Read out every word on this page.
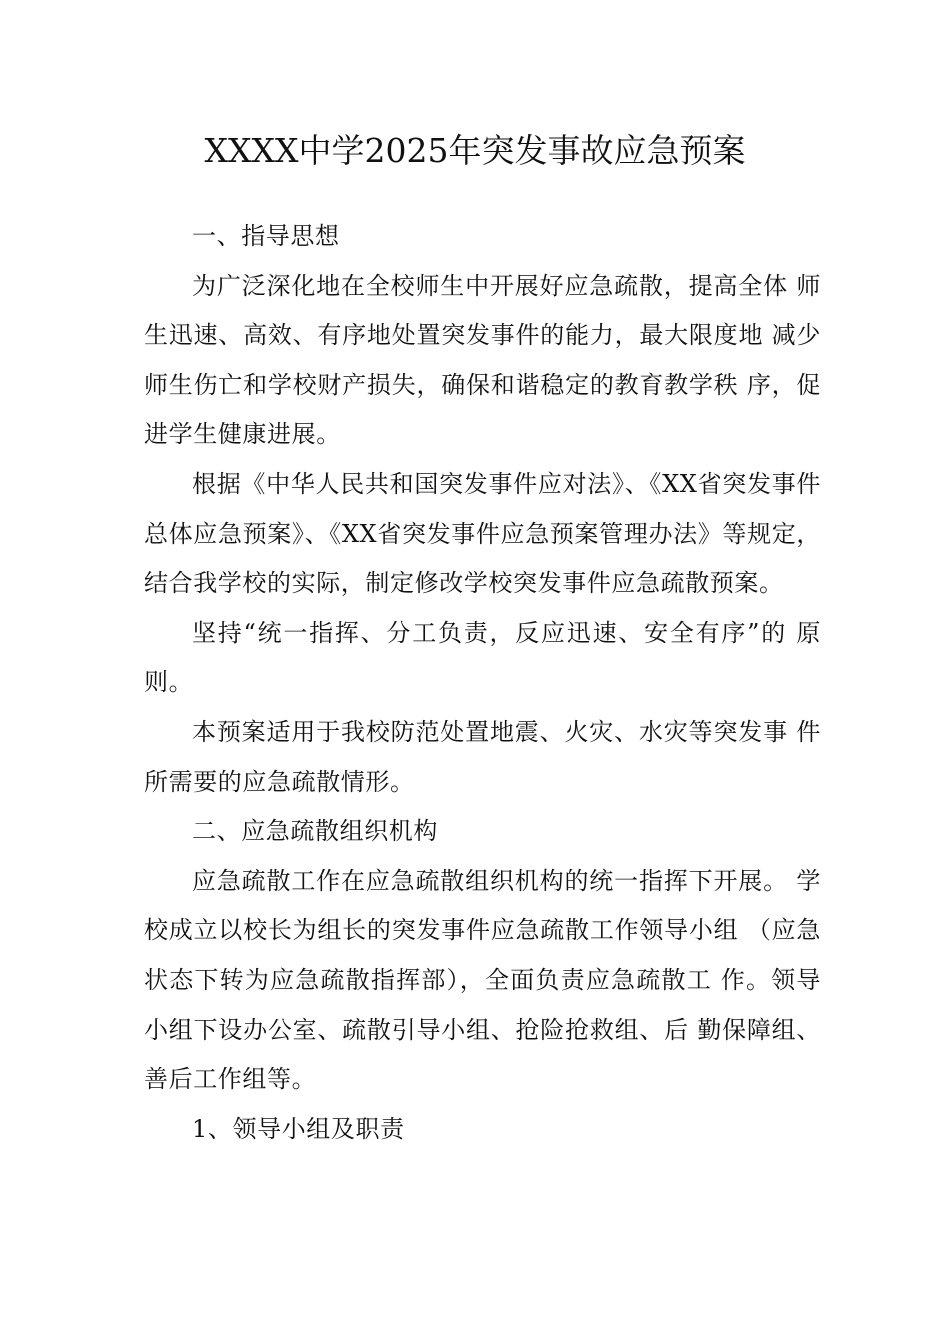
XXXX中学2025年突发事故应急预案

一、指导思想

为广泛深化地在全校师生中开展好应急疏散，提高全体 师生迅速、高效、有序地处置突发事件的能力，最大限度地 减少师生伤亡和学校财产损失，确保和谐稳定的教育教学秩 序，促进学生健康进展。

根据《中华人民共和国突发事件应对法》、《XX省突发事件总体应急预案》、《XX省突发事件应急预案管理办法》等规定，结合我学校的实际，制定修改学校突发事件应急疏散预案。

坚持“统一指挥、分工负责，反应迅速、安全有序”的 原则。

本预案适用于我校防范处置地震、火灾、水灾等突发事 件所需要的应急疏散情形。

二、应急疏散组织机构

应急疏散工作在应急疏散组织机构的统一指挥下开展。 学校成立以校长为组长的突发事件应急疏散工作领导小组 （应急状态下转为应急疏散指挥部），全面负责应急疏散工 作。领导小组下设办公室、疏散引导小组、抢险抢救组、后 勤保障组、善后工作组等。

1、领导小组及职责
